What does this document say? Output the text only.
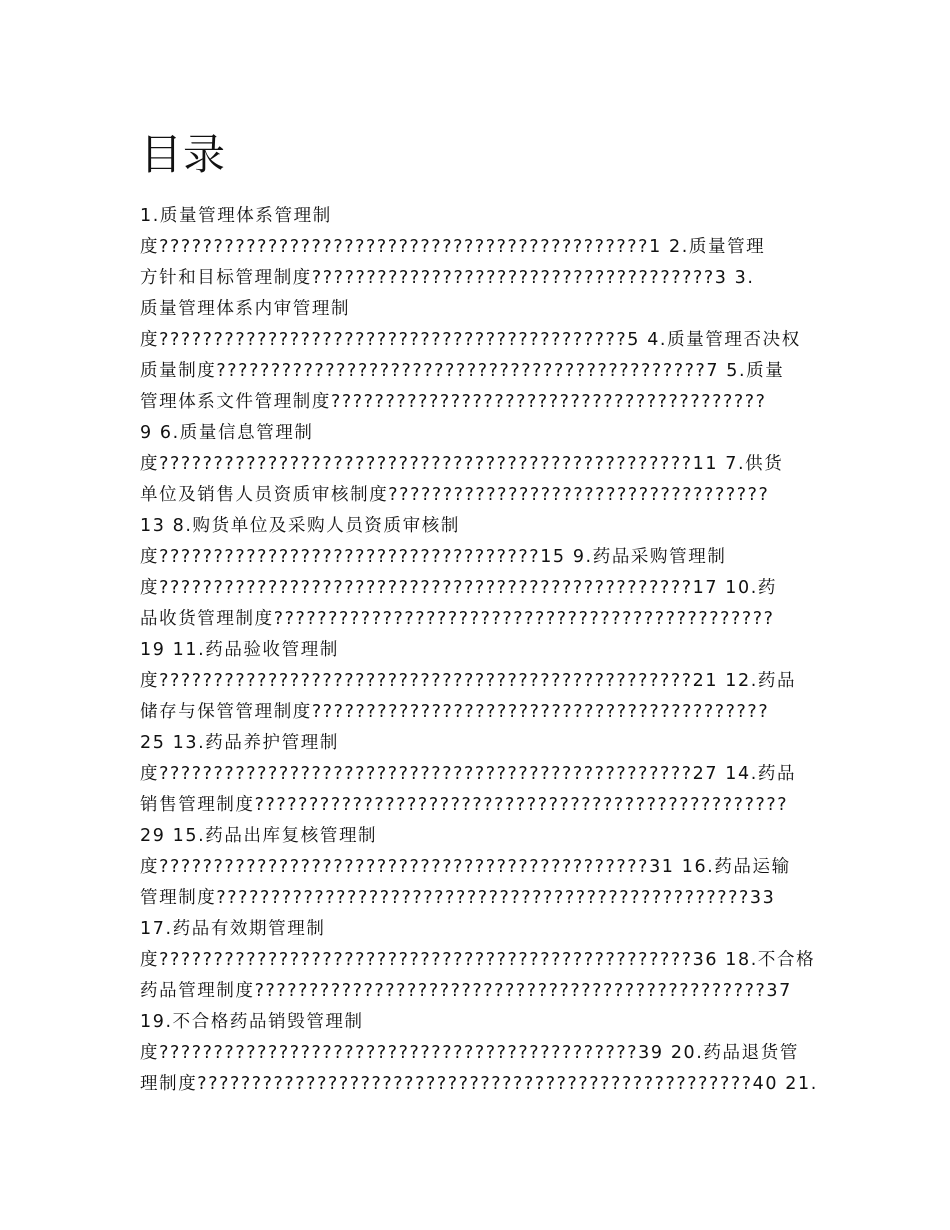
目录
1.质量管理体系管理制
度?????????????????????????????????????????????1 2.质量管理
方针和目标管理制度?????????????????????????????????????3 3.
质量管理体系内审管理制
度???????????????????????????????????????????5 4.质量管理否决权
质量制度?????????????????????????????????????????????7 5.质量
管理体系文件管理制度????????????????????????????????????????
9 6.质量信息管理制
度?????????????????????????????????????????????????11 7.供货
单位及销售人员资质审核制度???????????????????????????????????
13 8.购货单位及采购人员资质审核制
度???????????????????????????????????15 9.药品采购管理制
度?????????????????????????????????????????????????17 10.药
品收货管理制度??????????????????????????????????????????????
19 11.药品验收管理制
度?????????????????????????????????????????????????21 12.药品
储存与保管管理制度??????????????????????????????????????????
25 13.药品养护管理制
度?????????????????????????????????????????????????27 14.药品
销售管理制度?????????????????????????????????????????????????
29 15.药品出库复核管理制
度?????????????????????????????????????????????31 16.药品运输
管理制度?????????????????????????????????????????????????33
17.药品有效期管理制
度?????????????????????????????????????????????????36 18.不合格
药品管理制度???????????????????????????????????????????????37
19.不合格药品销毁管理制
度????????????????????????????????????????????39 20.药品退货管
理制度???????????????????????????????????????????????????40 21.
